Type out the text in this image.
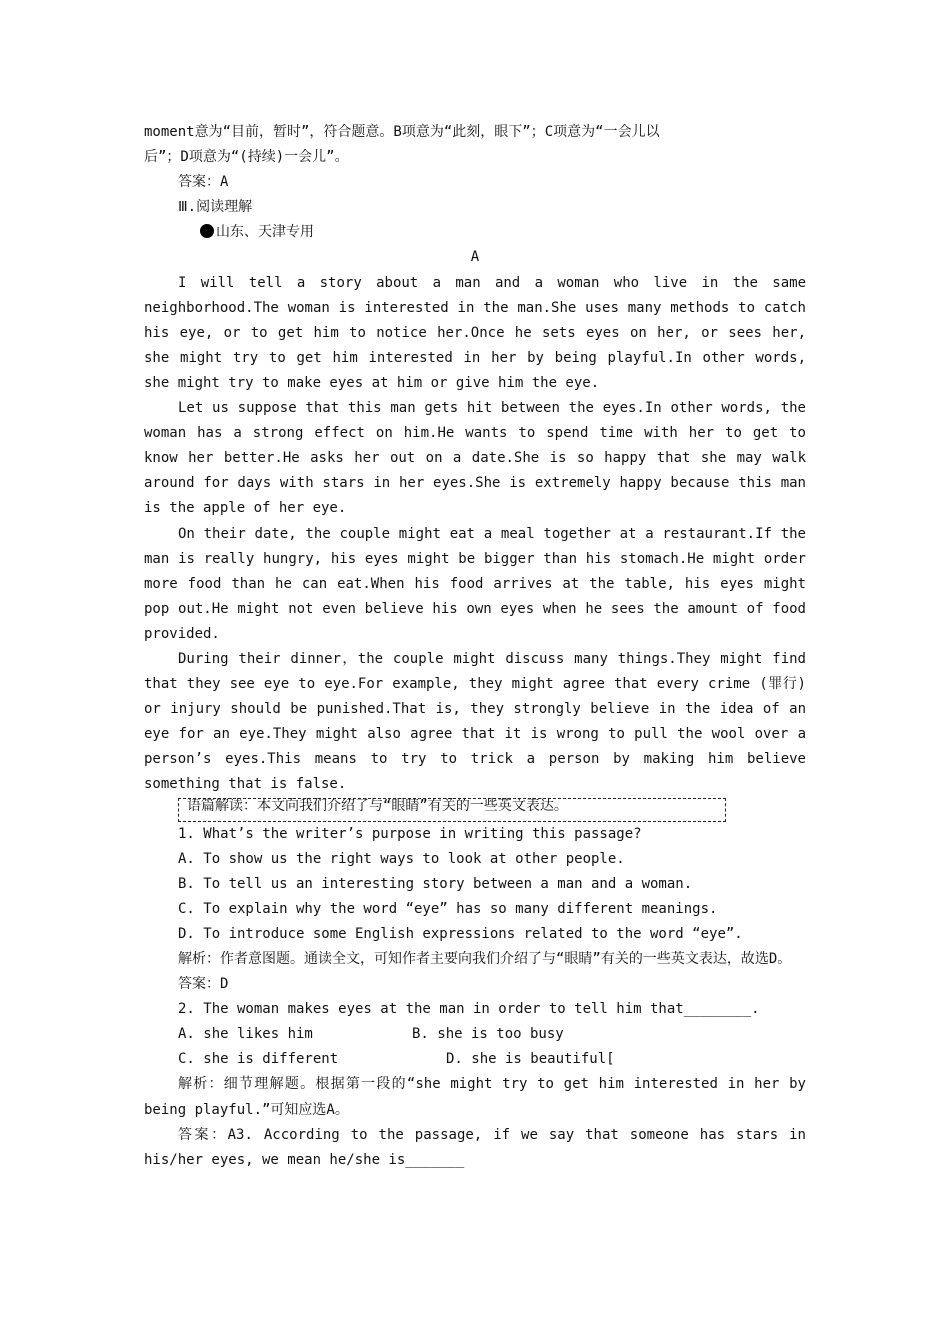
moment意为“目前，暂时”，符合题意。B项意为“此刻，眼下”；C项意为“一会儿以
后”；D项意为“(持续)一会儿”。
答案：A
Ⅲ.阅读理解
山东、天津专用
A
I will tell a story about a man and a woman who live in the same neighborhood.The woman is interested in the man.She uses many methods to catch his eye, or to get him to notice her.Once he sets eyes on her, or sees her, she might try to get him interested in her by being playful.In other words, she might try to make eyes at him or give him the eye.
Let us suppose that this man gets hit between the eyes.In other words, the woman has a strong effect on him.He wants to spend time with her to get to know her better.He asks her out on a date.She is so happy that she may walk around for days with stars in her eyes.She is extremely happy because this man is the apple of her eye.
On their date, the couple might eat a meal together at a restaurant.If the man is really hungry, his eyes might be bigger than his stomach.He might order more food than he can eat.When his food arrives at the table, his eyes might pop out.He might not even believe his own eyes when he sees the amount of food provided.
During their dinner，the couple might discuss many things.They might find that they see eye to eye.For example, they might agree that every crime (罪行) or injury should be punished.That is, they strongly believe in the idea of an eye for an eye.They might also agree that it is wrong to pull the wool over a person’s eyes.This means to try to trick a person by making him believe something that is false.
语篇解读：本文向我们介绍了与“眼睛”有关的一些英文表达。
1. What’s the writer’s purpose in writing this passage?
A. To show us the right ways to look at other people.
B. To tell us an interesting story between a man and a woman.
C. To explain why the word “eye” has so many different meanings.
D. To introduce some English expressions related to the word “eye”.
解析：作者意图题。通读全文，可知作者主要向我们介绍了与“眼睛”有关的一些英文表达，故选D。
答案：D
2. The woman makes eyes at the man in order to tell him that________.
A. she likes him	B. she is too busy
C. she is different	D. she is beautiful[
解析：细节理解题。根据第一段的“she might try to get him interested in her by being playful.”可知应选A。
答案：A3. According to the passage, if we say that someone has stars in his/her eyes, we mean he/she is_______
